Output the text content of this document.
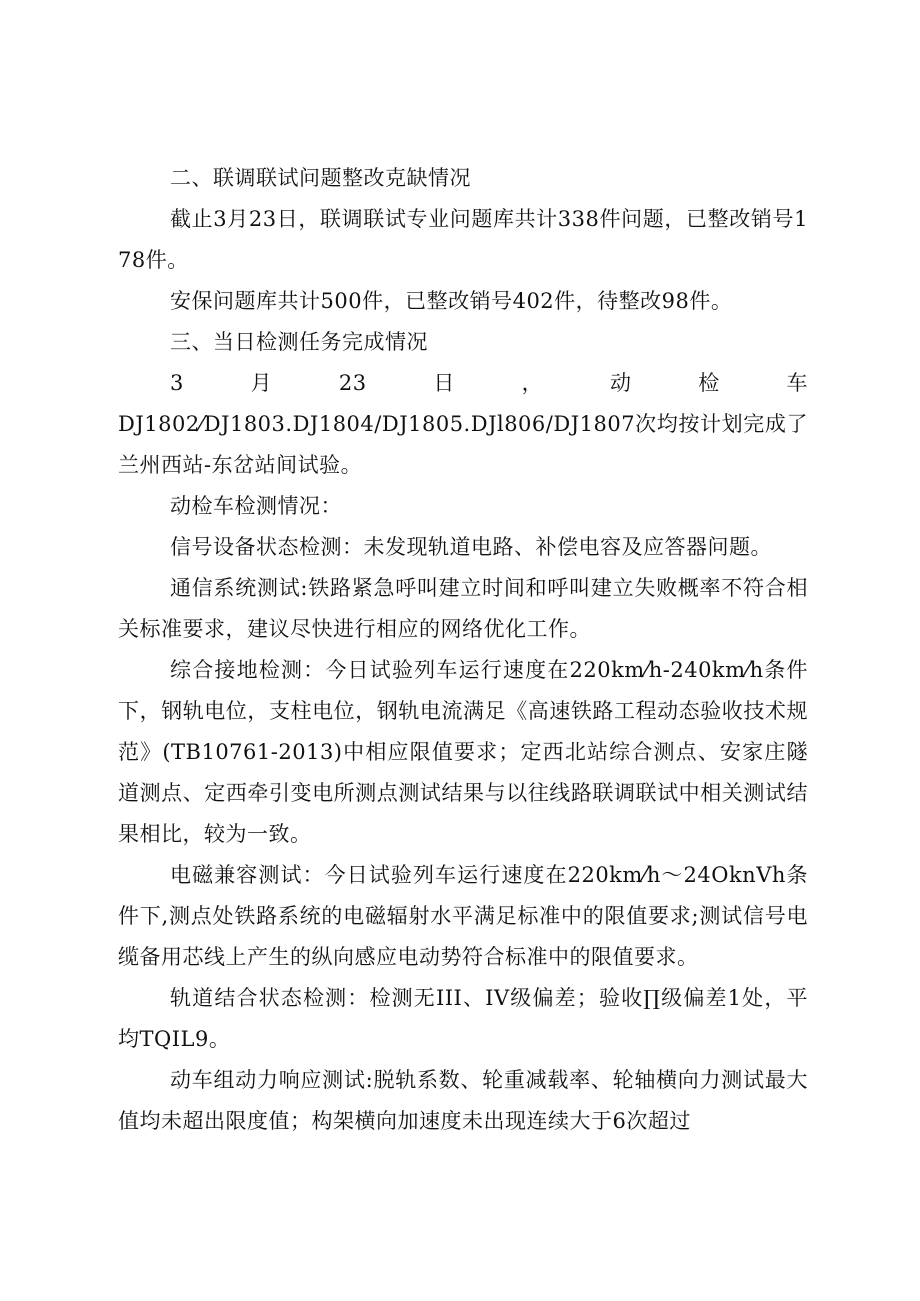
二、联调联试问题整改克缺情况

截止3月23日，联调联试专业问题库共计338件问题，已整改销号178件。

安保问题库共计500件，已整改销号402件，待整改98件。

三、当日检测任务完成情况

3	月	23	日	，	动	检	车

DJ1802⁄DJ1803.DJ1804/DJ1805.DJl806/DJ1807次均按计划完成了兰州西站-东岔站间试验。

动检车检测情况：

信号设备状态检测：未发现轨道电路、补偿电容及应答器问题。

通信系统测试:铁路紧急呼叫建立时间和呼叫建立失败概率不符合相关标准要求，建议尽快进行相应的网络优化工作。

综合接地检测：今日试验列车运行速度在220km⁄h-240km⁄h条件下，钢轨电位，支柱电位，钢轨电流满足《高速铁路工程动态验收技术规范》(TB10761-2013)中相应限值要求；定西北站综合测点、安家庄隧道测点、定西牵引变电所测点测试结果与以往线路联调联试中相关测试结果相比，较为一致。

电磁兼容测试：今日试验列车运行速度在220km⁄h～24OknVh条件下,测点处铁路系统的电磁辐射水平满足标准中的限值要求;测试信号电缆备用芯线上产生的纵向感应电动势符合标准中的限值要求。

轨道结合状态检测：检测无III、IV级偏差；验收∏级偏差1处，平均TQIL9。

动车组动力响应测试:脱轨系数、轮重减载率、轮轴横向力测试最大值均未超出限度值；构架横向加速度未出现连续大于6次超过
